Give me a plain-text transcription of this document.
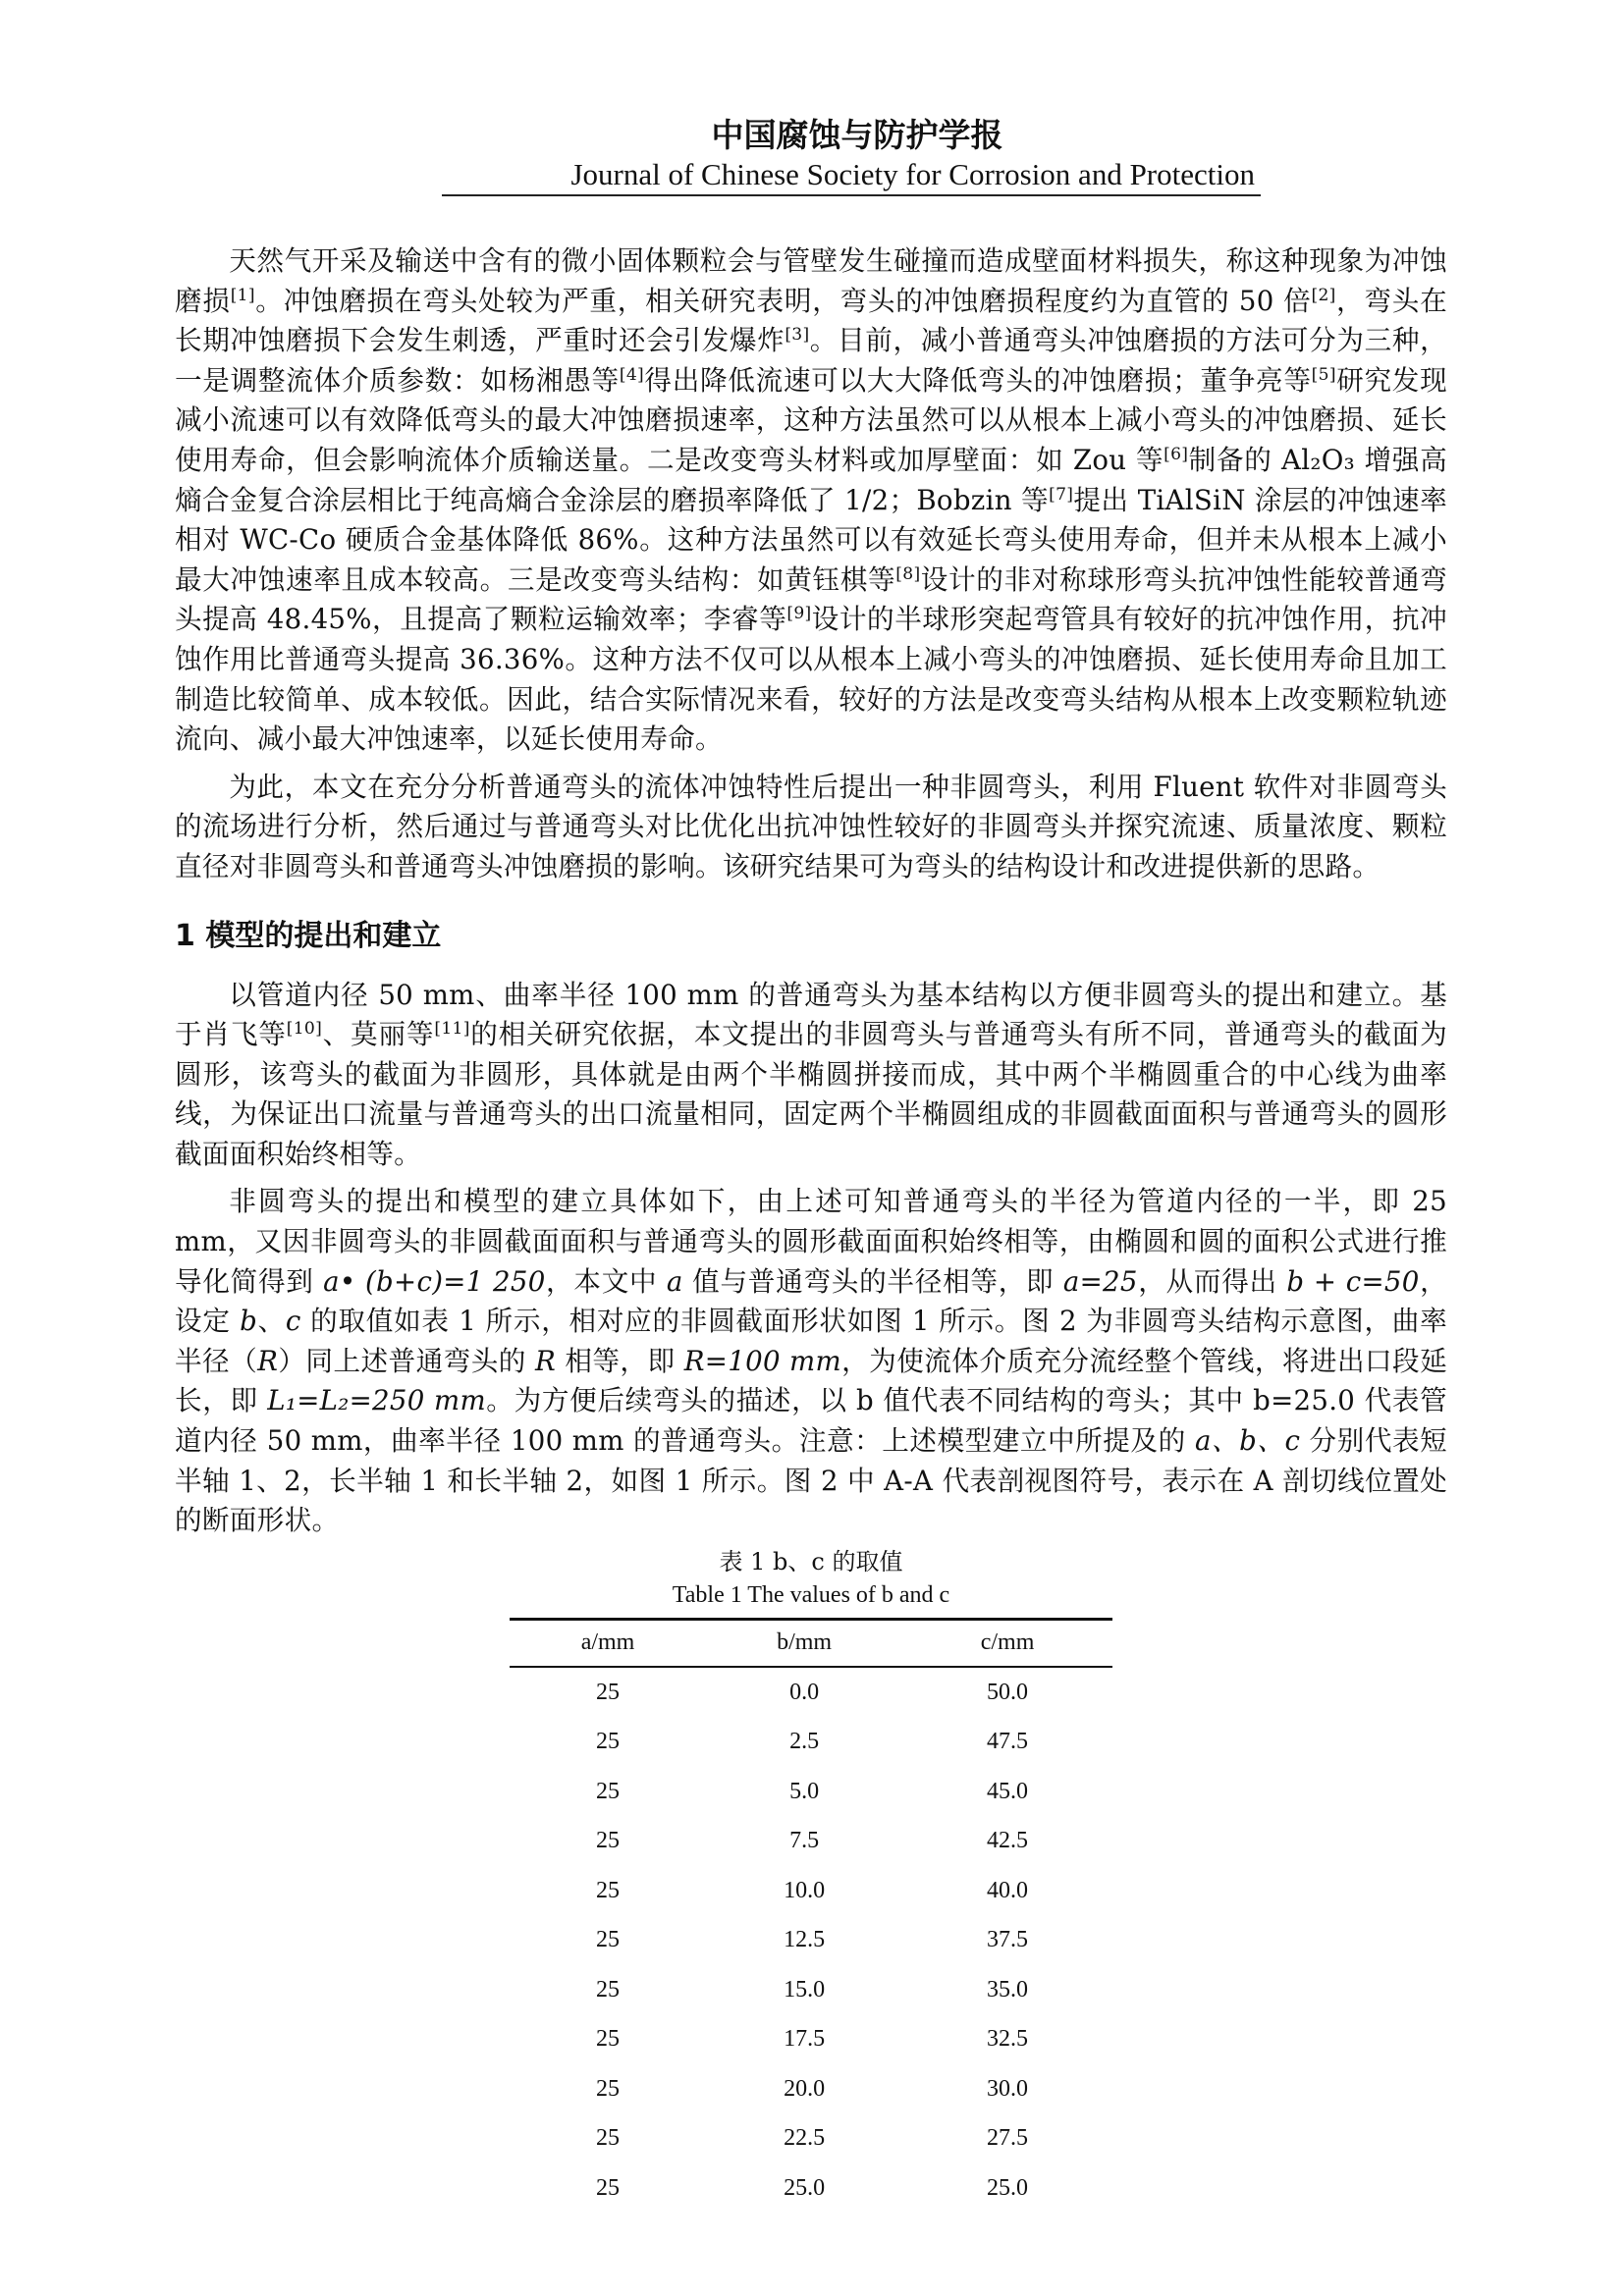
中国腐蚀与防护学报
Journal of Chinese Society for Corrosion and Protection

天然气开采及输送中含有的微小固体颗粒会与管壁发生碰撞而造成壁面材料损失，称这种现象为冲蚀磨损[1]。冲蚀磨损在弯头处较为严重，相关研究表明，弯头的冲蚀磨损程度约为直管的 50 倍[2]，弯头在长期冲蚀磨损下会发生刺透，严重时还会引发爆炸[3]。目前，减小普通弯头冲蚀磨损的方法可分为三种，一是调整流体介质参数：如杨湘愚等[4]得出降低流速可以大大降低弯头的冲蚀磨损；董争亮等[5]研究发现减小流速可以有效降低弯头的最大冲蚀磨损速率，这种方法虽然可以从根本上减小弯头的冲蚀磨损、延长使用寿命，但会影响流体介质输送量。二是改变弯头材料或加厚壁面：如 Zou 等[6]制备的 Al₂O₃ 增强高熵合金复合涂层相比于纯高熵合金涂层的磨损率降低了 1/2；Bobzin 等[7]提出 TiAlSiN 涂层的冲蚀速率相对 WC-Co 硬质合金基体降低 86%。这种方法虽然可以有效延长弯头使用寿命，但并未从根本上减小最大冲蚀速率且成本较高。三是改变弯头结构：如黄钰棋等[8]设计的非对称球形弯头抗冲蚀性能较普通弯头提高 48.45%，且提高了颗粒运输效率；李睿等[9]设计的半球形突起弯管具有较好的抗冲蚀作用，抗冲蚀作用比普通弯头提高 36.36%。这种方法不仅可以从根本上减小弯头的冲蚀磨损、延长使用寿命且加工制造比较简单、成本较低。因此，结合实际情况来看，较好的方法是改变弯头结构从根本上改变颗粒轨迹流向、减小最大冲蚀速率，以延长使用寿命。

为此，本文在充分分析普通弯头的流体冲蚀特性后提出一种非圆弯头，利用 Fluent 软件对非圆弯头的流场进行分析，然后通过与普通弯头对比优化出抗冲蚀性较好的非圆弯头并探究流速、质量浓度、颗粒直径对非圆弯头和普通弯头冲蚀磨损的影响。该研究结果可为弯头的结构设计和改进提供新的思路。

1 模型的提出和建立

以管道内径 50 mm、曲率半径 100 mm 的普通弯头为基本结构以方便非圆弯头的提出和建立。基于肖飞等[10]、莫丽等[11]的相关研究依据，本文提出的非圆弯头与普通弯头有所不同，普通弯头的截面为圆形，该弯头的截面为非圆形，具体就是由两个半椭圆拼接而成，其中两个半椭圆重合的中心线为曲率线，为保证出口流量与普通弯头的出口流量相同，固定两个半椭圆组成的非圆截面面积与普通弯头的圆形截面面积始终相等。

非圆弯头的提出和模型的建立具体如下，由上述可知普通弯头的半径为管道内径的一半，即 25 mm，又因非圆弯头的非圆截面面积与普通弯头的圆形截面面积始终相等，由椭圆和圆的面积公式进行推导化简得到 a• (b+c)=1 250，本文中 a 值与普通弯头的半径相等，即 a=25，从而得出 b + c=50，设定 b、c 的取值如表 1 所示，相对应的非圆截面形状如图 1 所示。图 2 为非圆弯头结构示意图，曲率半径（R）同上述普通弯头的 R 相等，即 R=100 mm，为使流体介质充分流经整个管线，将进出口段延长，即 L₁=L₂=250 mm。为方便后续弯头的描述，以 b 值代表不同结构的弯头；其中 b=25.0 代表管道内径 50 mm，曲率半径 100 mm 的普通弯头。注意：上述模型建立中所提及的 a、b、c 分别代表短半轴 1、2，长半轴 1 和长半轴 2，如图 1 所示。图 2 中 A-A 代表剖视图符号，表示在 A 剖切线位置处的断面形状。

表 1 b、c 的取值
Table 1 The values of b and c
a/mm	b/mm	c/mm
25	0.0	50.0
25	2.5	47.5
25	5.0	45.0
25	7.5	42.5
25	10.0	40.0
25	12.5	37.5
25	15.0	35.0
25	17.5	32.5
25	20.0	30.0
25	22.5	27.5
25	25.0	25.0
